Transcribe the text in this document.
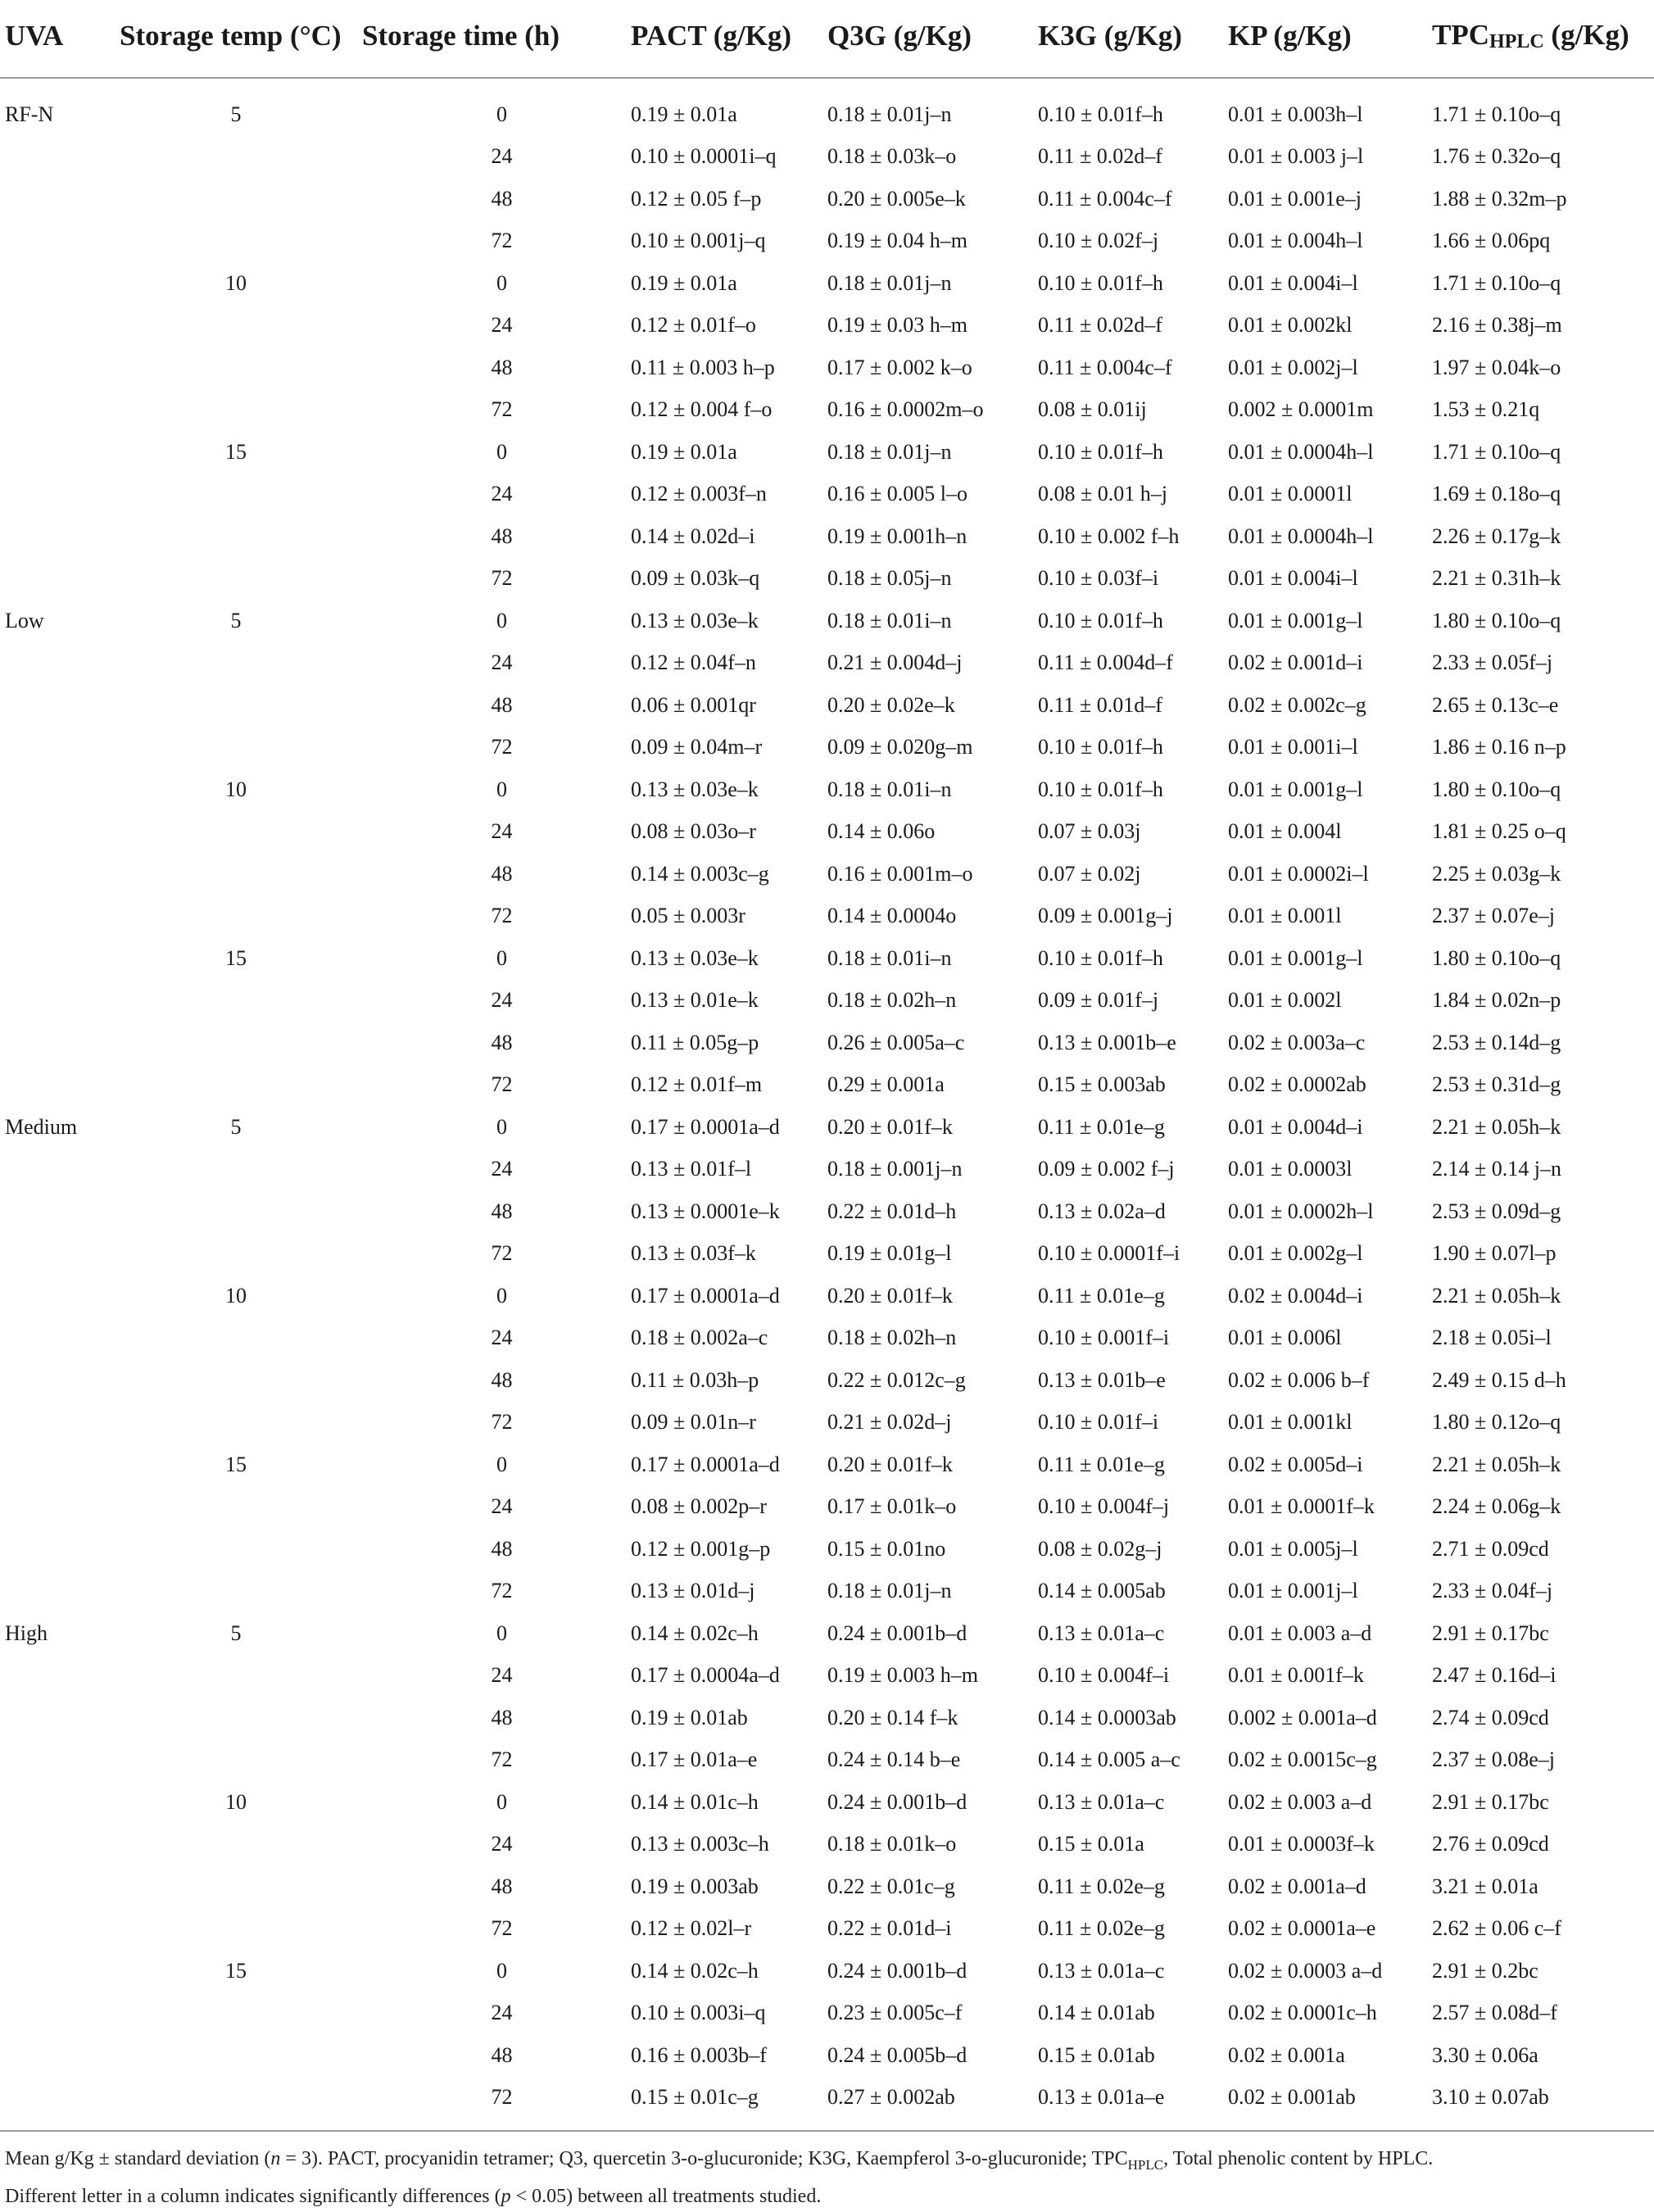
UVA	Storage temp (°C)	Storage time (h)	PACT (g/Kg)	Q3G (g/Kg)	K3G (g/Kg)	KP (g/Kg)	$TPC_{HPLC}$ (g/Kg)
RF-N	5	0	0.19 ± 0.01a	0.18 ± 0.01j–n	0.10 ± 0.01f–h	0.01 ± 0.003h–l	1.71 ± 0.10o–q
		24	0.10 ± 0.0001i–q	0.18 ± 0.03k–o	0.11 ± 0.02d–f	0.01 ± 0.003 j–l	1.76 ± 0.32o–q
		48	0.12 ± 0.05 f–p	0.20 ± 0.005e–k	0.11 ± 0.004c–f	0.01 ± 0.001e–j	1.88 ± 0.32m–p
		72	0.10 ± 0.001j–q	0.19 ± 0.04 h–m	0.10 ± 0.02f–j	0.01 ± 0.004h–l	1.66 ± 0.06pq
	10	0	0.19 ± 0.01a	0.18 ± 0.01j–n	0.10 ± 0.01f–h	0.01 ± 0.004i–l	1.71 ± 0.10o–q
		24	0.12 ± 0.01f–o	0.19 ± 0.03 h–m	0.11 ± 0.02d–f	0.01 ± 0.002kl	2.16 ± 0.38j–m
		48	0.11 ± 0.003 h–p	0.17 ± 0.002 k–o	0.11 ± 0.004c–f	0.01 ± 0.002j–l	1.97 ± 0.04k–o
		72	0.12 ± 0.004 f–o	0.16 ± 0.0002m–o	0.08 ± 0.01ij	0.002 ± 0.0001m	1.53 ± 0.21q
	15	0	0.19 ± 0.01a	0.18 ± 0.01j–n	0.10 ± 0.01f–h	0.01 ± 0.0004h–l	1.71 ± 0.10o–q
		24	0.12 ± 0.003f–n	0.16 ± 0.005 l–o	0.08 ± 0.01 h–j	0.01 ± 0.0001l	1.69 ± 0.18o–q
		48	0.14 ± 0.02d–i	0.19 ± 0.001h–n	0.10 ± 0.002 f–h	0.01 ± 0.0004h–l	2.26 ± 0.17g–k
		72	0.09 ± 0.03k–q	0.18 ± 0.05j–n	0.10 ± 0.03f–i	0.01 ± 0.004i–l	2.21 ± 0.31h–k
Low	5	0	0.13 ± 0.03e–k	0.18 ± 0.01i–n	0.10 ± 0.01f–h	0.01 ± 0.001g–l	1.80 ± 0.10o–q
		24	0.12 ± 0.04f–n	0.21 ± 0.004d–j	0.11 ± 0.004d–f	0.02 ± 0.001d–i	2.33 ± 0.05f–j
		48	0.06 ± 0.001qr	0.20 ± 0.02e–k	0.11 ± 0.01d–f	0.02 ± 0.002c–g	2.65 ± 0.13c–e
		72	0.09 ± 0.04m–r	0.09 ± 0.020g–m	0.10 ± 0.01f–h	0.01 ± 0.001i–l	1.86 ± 0.16 n–p
	10	0	0.13 ± 0.03e–k	0.18 ± 0.01i–n	0.10 ± 0.01f–h	0.01 ± 0.001g–l	1.80 ± 0.10o–q
		24	0.08 ± 0.03o–r	0.14 ± 0.06o	0.07 ± 0.03j	0.01 ± 0.004l	1.81 ± 0.25 o–q
		48	0.14 ± 0.003c–g	0.16 ± 0.001m–o	0.07 ± 0.02j	0.01 ± 0.0002i–l	2.25 ± 0.03g–k
		72	0.05 ± 0.003r	0.14 ± 0.0004o	0.09 ± 0.001g–j	0.01 ± 0.001l	2.37 ± 0.07e–j
	15	0	0.13 ± 0.03e–k	0.18 ± 0.01i–n	0.10 ± 0.01f–h	0.01 ± 0.001g–l	1.80 ± 0.10o–q
		24	0.13 ± 0.01e–k	0.18 ± 0.02h–n	0.09 ± 0.01f–j	0.01 ± 0.002l	1.84 ± 0.02n–p
		48	0.11 ± 0.05g–p	0.26 ± 0.005a–c	0.13 ± 0.001b–e	0.02 ± 0.003a–c	2.53 ± 0.14d–g
		72	0.12 ± 0.01f–m	0.29 ± 0.001a	0.15 ± 0.003ab	0.02 ± 0.0002ab	2.53 ± 0.31d–g
Medium	5	0	0.17 ± 0.0001a–d	0.20 ± 0.01f–k	0.11 ± 0.01e–g	0.01 ± 0.004d–i	2.21 ± 0.05h–k
		24	0.13 ± 0.01f–l	0.18 ± 0.001j–n	0.09 ± 0.002 f–j	0.01 ± 0.0003l	2.14 ± 0.14 j–n
		48	0.13 ± 0.0001e–k	0.22 ± 0.01d–h	0.13 ± 0.02a–d	0.01 ± 0.0002h–l	2.53 ± 0.09d–g
		72	0.13 ± 0.03f–k	0.19 ± 0.01g–l	0.10 ± 0.0001f–i	0.01 ± 0.002g–l	1.90 ± 0.07l–p
	10	0	0.17 ± 0.0001a–d	0.20 ± 0.01f–k	0.11 ± 0.01e–g	0.02 ± 0.004d–i	2.21 ± 0.05h–k
		24	0.18 ± 0.002a–c	0.18 ± 0.02h–n	0.10 ± 0.001f–i	0.01 ± 0.006l	2.18 ± 0.05i–l
		48	0.11 ± 0.03h–p	0.22 ± 0.012c–g	0.13 ± 0.01b–e	0.02 ± 0.006 b–f	2.49 ± 0.15 d–h
		72	0.09 ± 0.01n–r	0.21 ± 0.02d–j	0.10 ± 0.01f–i	0.01 ± 0.001kl	1.80 ± 0.12o–q
	15	0	0.17 ± 0.0001a–d	0.20 ± 0.01f–k	0.11 ± 0.01e–g	0.02 ± 0.005d–i	2.21 ± 0.05h–k
		24	0.08 ± 0.002p–r	0.17 ± 0.01k–o	0.10 ± 0.004f–j	0.01 ± 0.0001f–k	2.24 ± 0.06g–k
		48	0.12 ± 0.001g–p	0.15 ± 0.01no	0.08 ± 0.02g–j	0.01 ± 0.005j–l	2.71 ± 0.09cd
		72	0.13 ± 0.01d–j	0.18 ± 0.01j–n	0.14 ± 0.005ab	0.01 ± 0.001j–l	2.33 ± 0.04f–j
High	5	0	0.14 ± 0.02c–h	0.24 ± 0.001b–d	0.13 ± 0.01a–c	0.01 ± 0.003 a–d	2.91 ± 0.17bc
		24	0.17 ± 0.0004a–d	0.19 ± 0.003 h–m	0.10 ± 0.004f–i	0.01 ± 0.001f–k	2.47 ± 0.16d–i
		48	0.19 ± 0.01ab	0.20 ± 0.14 f–k	0.14 ± 0.0003ab	0.002 ± 0.001a–d	2.74 ± 0.09cd
		72	0.17 ± 0.01a–e	0.24 ± 0.14 b–e	0.14 ± 0.005 a–c	0.02 ± 0.0015c–g	2.37 ± 0.08e–j
	10	0	0.14 ± 0.01c–h	0.24 ± 0.001b–d	0.13 ± 0.01a–c	0.02 ± 0.003 a–d	2.91 ± 0.17bc
		24	0.13 ± 0.003c–h	0.18 ± 0.01k–o	0.15 ± 0.01a	0.01 ± 0.0003f–k	2.76 ± 0.09cd
		48	0.19 ± 0.003ab	0.22 ± 0.01c–g	0.11 ± 0.02e–g	0.02 ± 0.001a–d	3.21 ± 0.01a
		72	0.12 ± 0.02l–r	0.22 ± 0.01d–i	0.11 ± 0.02e–g	0.02 ± 0.0001a–e	2.62 ± 0.06 c–f
	15	0	0.14 ± 0.02c–h	0.24 ± 0.001b–d	0.13 ± 0.01a–c	0.02 ± 0.0003 a–d	2.91 ± 0.2bc
		24	0.10 ± 0.003i–q	0.23 ± 0.005c–f	0.14 ± 0.01ab	0.02 ± 0.0001c–h	2.57 ± 0.08d–f
		48	0.16 ± 0.003b–f	0.24 ± 0.005b–d	0.15 ± 0.01ab	0.02 ± 0.001a	3.30 ± 0.06a
		72	0.15 ± 0.01c–g	0.27 ± 0.002ab	0.13 ± 0.01a–e	0.02 ± 0.001ab	3.10 ± 0.07ab
Mean g/Kg ± standard deviation (n = 3). PACT, procyanidin tetramer; Q3, quercetin 3-o-glucuronide; K3G, Kaempferol 3-o-glucuronide; $TPC_{HPLC}$, Total phenolic content by HPLC.
Different letter in a column indicates significantly differences (p < 0.05) between all treatments studied.
